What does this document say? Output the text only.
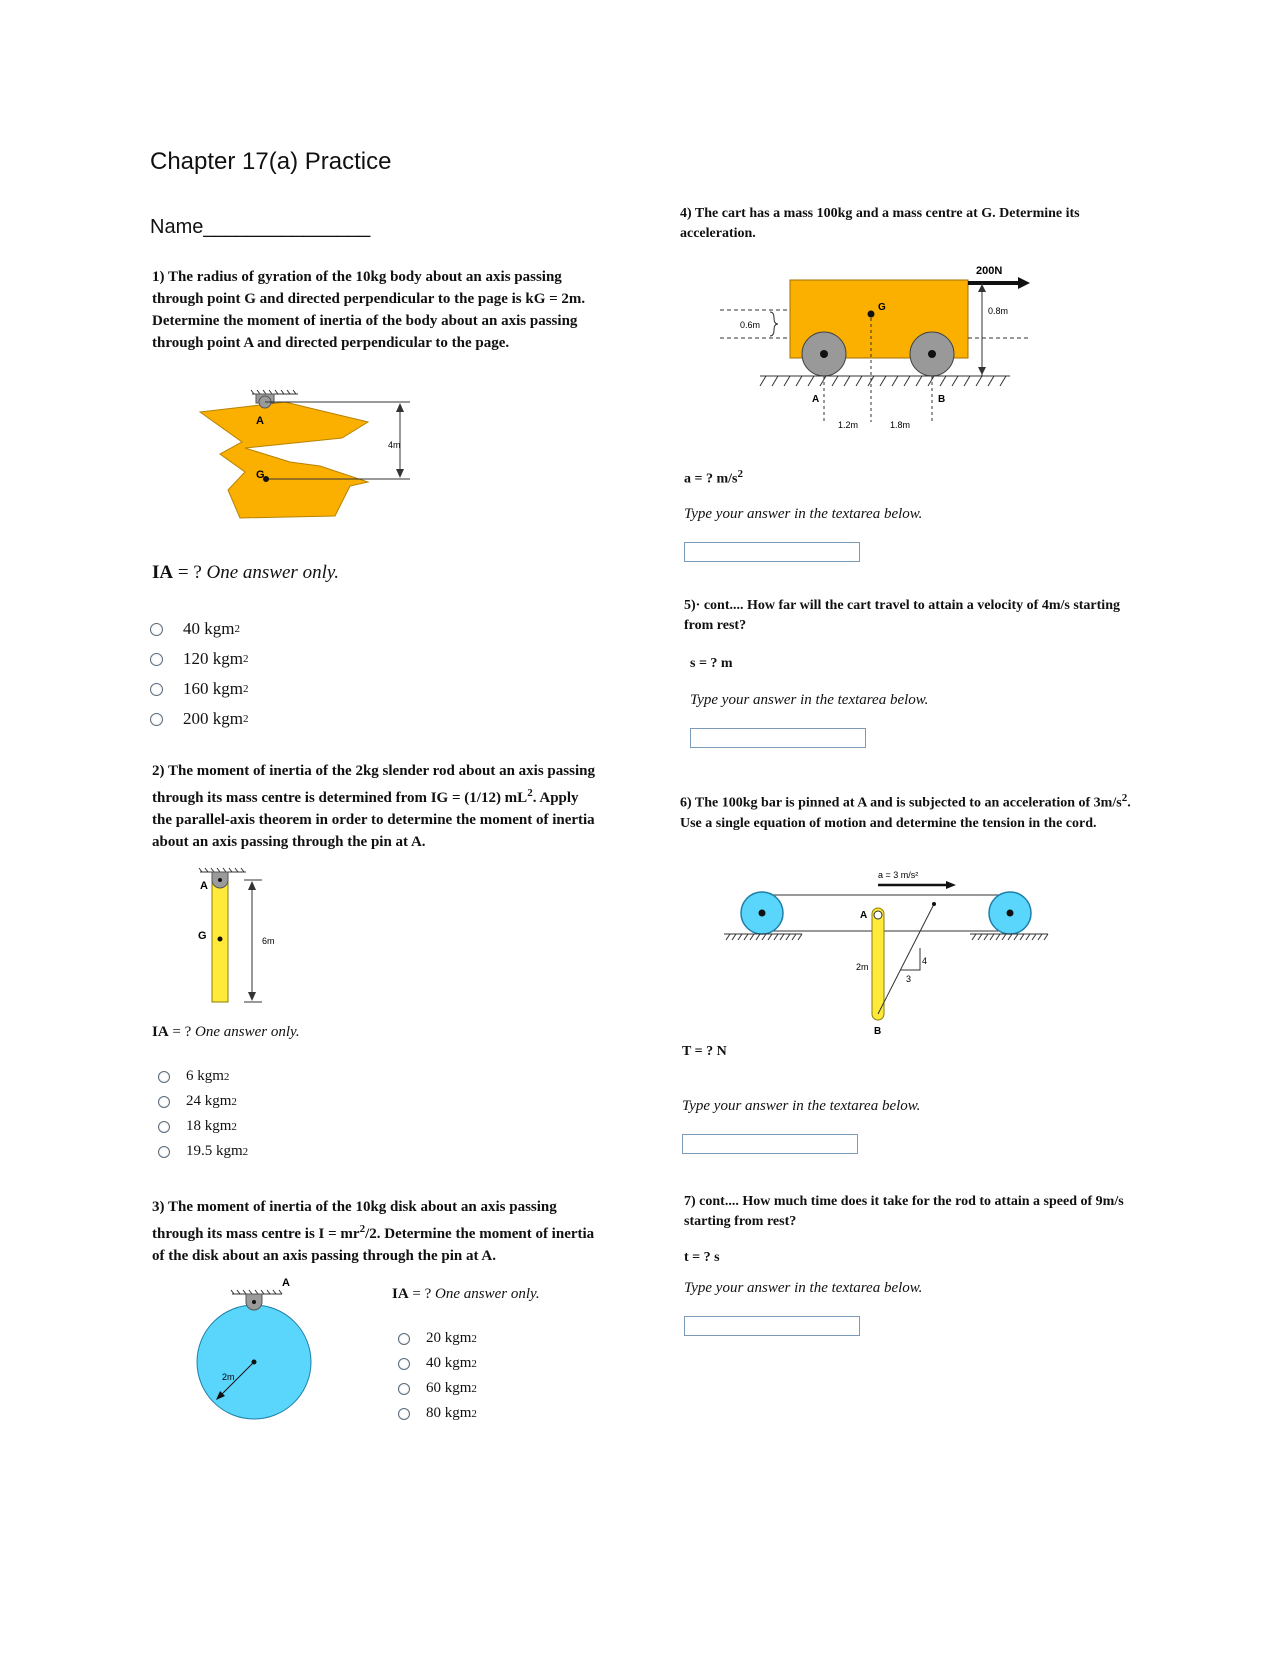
Chapter 17(a) Practice
Name_______________
1) The radius of gyration of the 10kg body about an axis passing through point G and directed perpendicular to the page is kG = 2m. Determine the moment of inertia of the body about an axis passing through point A and directed perpendicular to the page.
A
G
4m
IA = ? One answer only.
40 kgm 2
120 kgm 2
160 kgm 2
200 kgm 2
2) The moment of inertia of the 2kg slender rod about an axis passing through its mass centre is determined from IG = (1/12) $mL^2$. Apply the parallel-axis theorem in order to determine the moment of inertia about an axis passing through the pin at A.
A
G	6m
IA = ? One answer only.
6 kgm 2
24 kgm 2
18 kgm 2
19.5 kgm 2
3) The moment of inertia of the 10kg disk about an axis passing through its mass centre is $I = mr^2/2$. Determine the moment of inertia of the disk about an axis passing through the pin at A.
A
2m
IA = ? One answer only.
20 kgm 2
40 kgm 2
60 kgm 2
80 kgm 2
4) The cart has a mass 100kg and a mass centre at G. Determine its acceleration.
200N
G	0.8m
0.6m
A	B
1.2m	1.8m
a = ? $m/s^2$
Type your answer in the textarea below.
5)· cont.... How far will the cart travel to attain a velocity of 4m/s starting from rest?
s = ? m
Type your answer in the textarea below.
6) The 100kg bar is pinned at A and is subjected to an acceleration of $3m/s^2$. Use a single equation of motion and determine the tension in the cord.
a = 3 m/s²
A
B
2m
4
3
T = ? N
Type your answer in the textarea below.
7) cont.... How much time does it take for the rod to attain a speed of 9m/s starting from rest?
t = ? s
Type your answer in the textarea below.
